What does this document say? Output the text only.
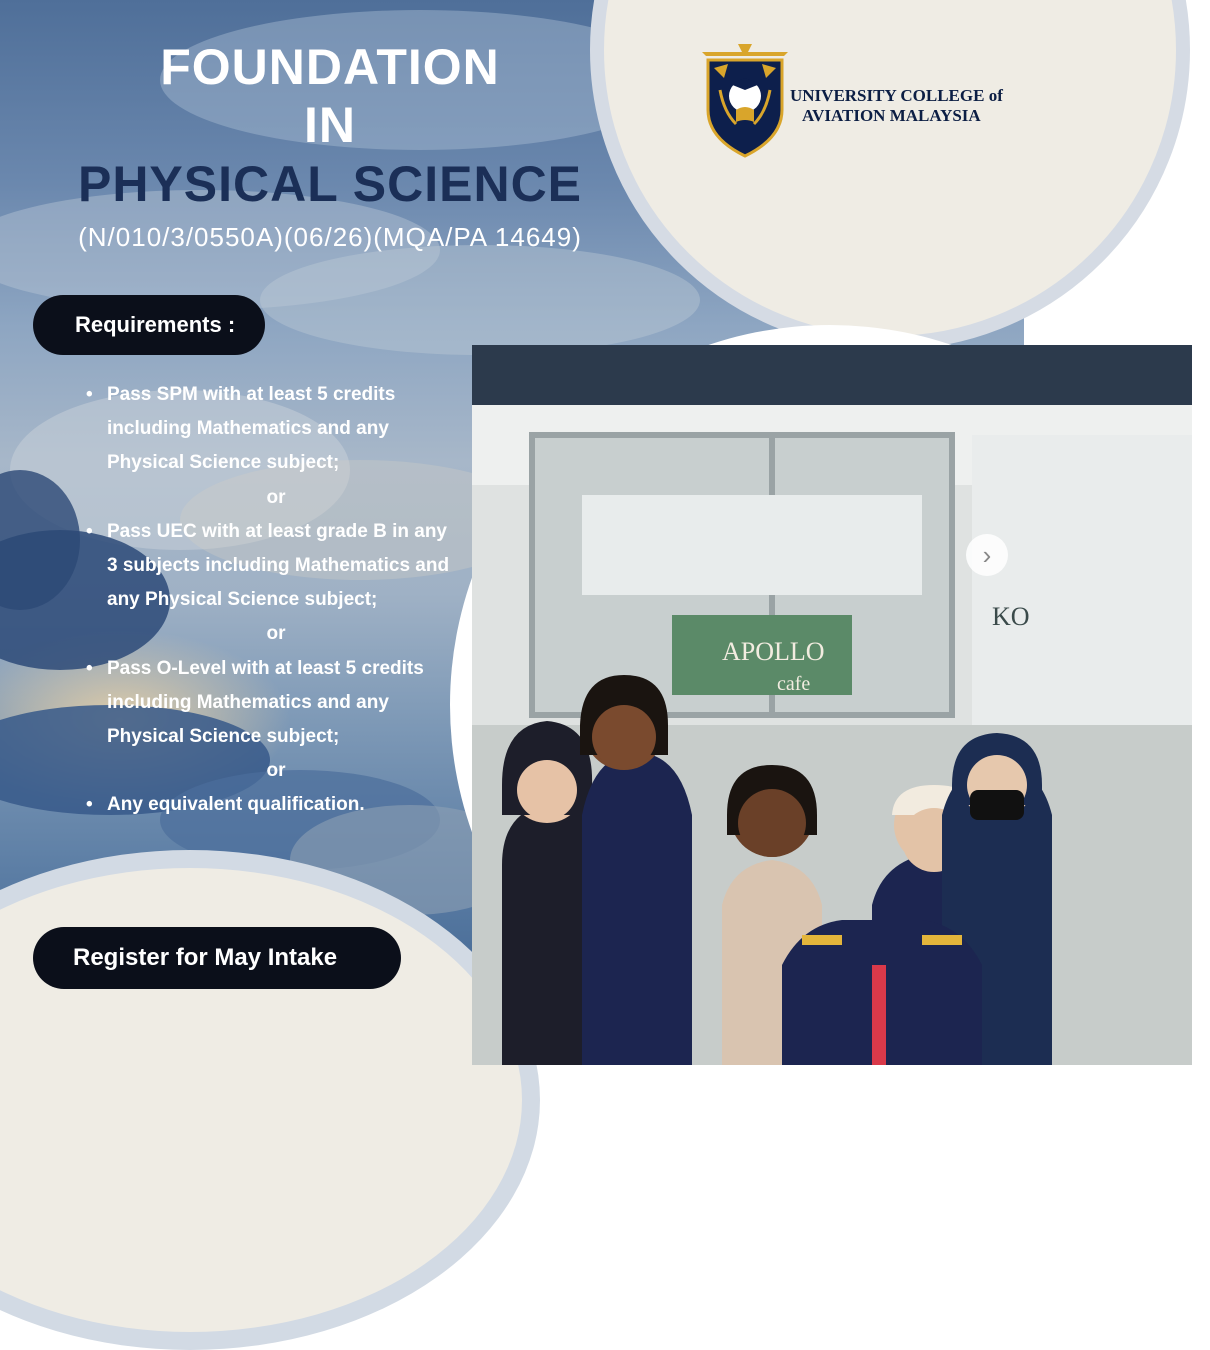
UNIVERSITY COLLEGE of
AVIATION MALAYSIA
FOUNDATION
IN
PHYSICAL SCIENCE
(N/010/3/0550A)(06/26)(MQA/PA 14649)
Requirements :
• Pass SPM with at least 5 credits
including Mathematics and any
Physical Science subject;
or
• Pass UEC with at least grade B in any
3 subjects including Mathematics and
any Physical Science subject;
or
• Pass O-Level with at least 5 credits
including Mathematics and any
Physical Science subject;
or
• Any equivalent qualification.
Register for May Intake
APOLLO
cafe
KO
›
